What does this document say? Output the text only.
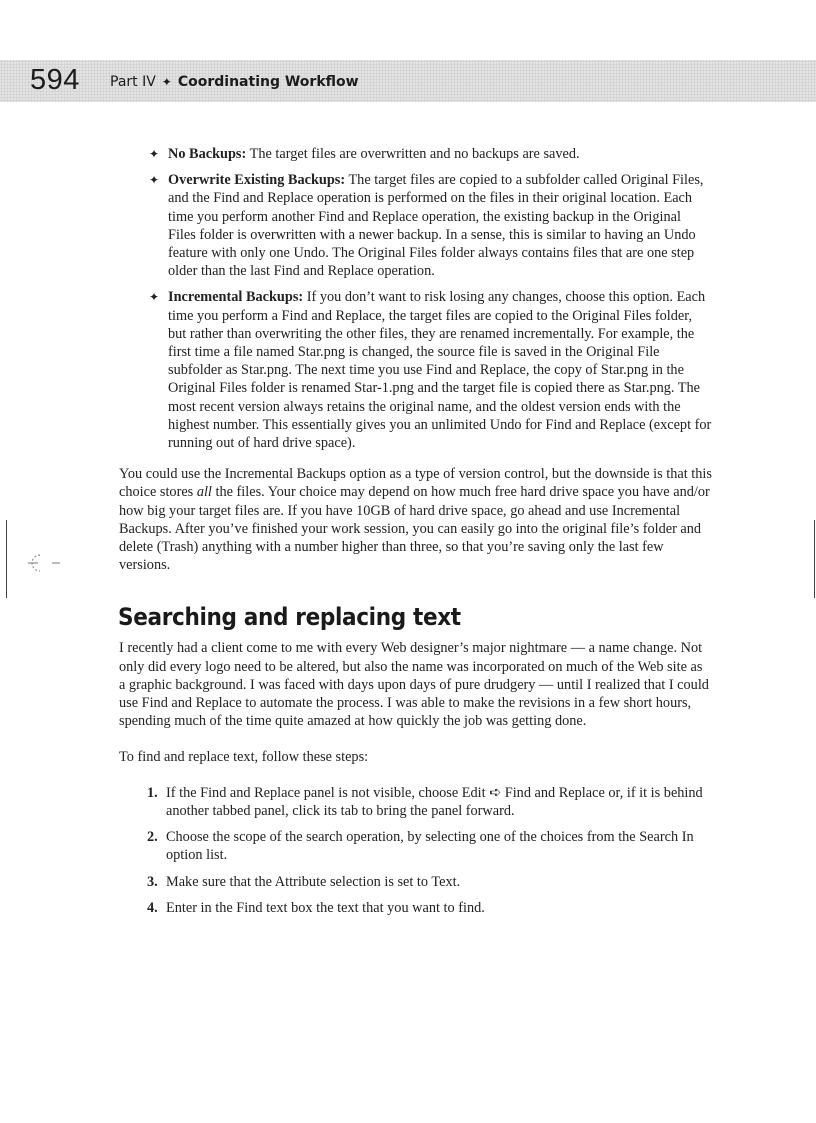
594 Part IV ✦ Coordinating Workflow
✦ No Backups: The target files are overwritten and no backups are saved.
✦ Overwrite Existing Backups: The target files are copied to a subfolder called Original Files, and the Find and Replace operation is performed on the files in their original location. Each time you perform another Find and Replace operation, the existing backup in the Original Files folder is overwritten with a newer backup. In a sense, this is similar to having an Undo feature with only one Undo. The Original Files folder always contains files that are one step older than the last Find and Replace operation.
✦ Incremental Backups: If you don’t want to risk losing any changes, choose this option. Each time you perform a Find and Replace, the target files are copied to the Original Files folder, but rather than overwriting the other files, they are renamed incrementally. For example, the first time a file named Star.png is changed, the source file is saved in the Original File subfolder as Star.png. The next time you use Find and Replace, the copy of Star.png in the Original Files folder is renamed Star-1.png and the target file is copied there as Star.png. The most recent version always retains the original name, and the oldest version ends with the highest number. This essentially gives you an unlimited Undo for Find and Replace (except for running out of hard drive space).

You could use the Incremental Backups option as a type of version control, but the downside is that this choice stores all the files. Your choice may depend on how much free hard drive space you have and/or how big your target files are. If you have 10GB of hard drive space, go ahead and use Incremental Backups. After you’ve finished your work session, you can easily go into the original file’s folder and delete (Trash) anything with a number higher than three, so that you’re saving only the last few versions.

Searching and replacing text

I recently had a client come to me with every Web designer’s major nightmare — a name change. Not only did every logo need to be altered, but also the name was incorporated on much of the Web site as a graphic background. I was faced with days upon days of pure drudgery — until I realized that I could use Find and Replace to automate the process. I was able to make the revisions in a few short hours, spending much of the time quite amazed at how quickly the job was getting done.

To find and replace text, follow these steps:

1. If the Find and Replace panel is not visible, choose Edit ➪ Find and Replace or, if it is behind another tabbed panel, click its tab to bring the panel forward.
2. Choose the scope of the search operation, by selecting one of the choices from the Search In option list.
3. Make sure that the Attribute selection is set to Text.
4. Enter in the Find text box the text that you want to find.
